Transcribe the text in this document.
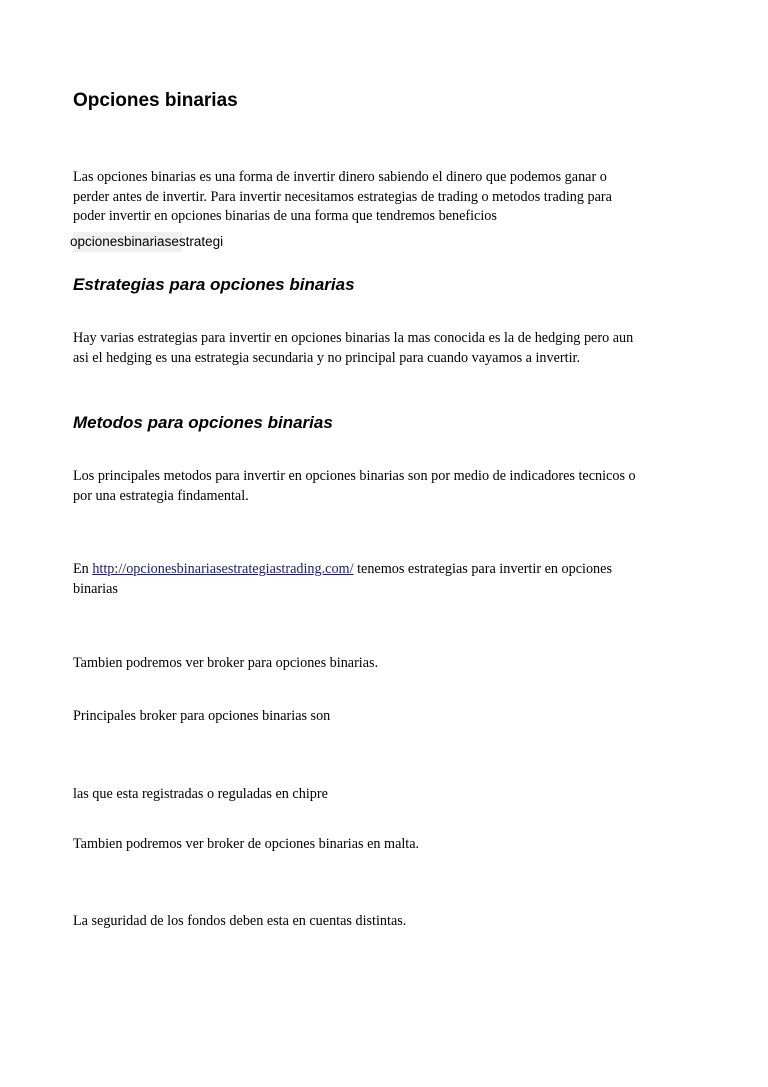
Opciones binarias
Las opciones binarias es una forma de invertir dinero sabiendo el dinero que podemos ganar o
perder antes de invertir. Para invertir necesitamos estrategias de trading o metodos trading para
poder invertir en opciones binarias de una forma que tendremos beneficios
opcionesbinariasestrategi
Estrategias para opciones binarias
Hay varias estrategias para invertir en opciones binarias la mas conocida es la de hedging pero aun
asi el hedging es una estrategia secundaria y no principal para cuando vayamos a invertir.
Metodos para opciones binarias
Los principales metodos para invertir en opciones binarias son por medio de indicadores tecnicos o
por una estrategia findamental.
En http://opcionesbinariasestrategiastrading.com/ tenemos estrategias para invertir en opciones
binarias
Tambien podremos ver broker para opciones binarias.
Principales broker para opciones binarias son
las que esta registradas o reguladas en chipre
Tambien podremos ver broker de opciones binarias en malta.
La seguridad de los fondos deben esta en cuentas distintas.
